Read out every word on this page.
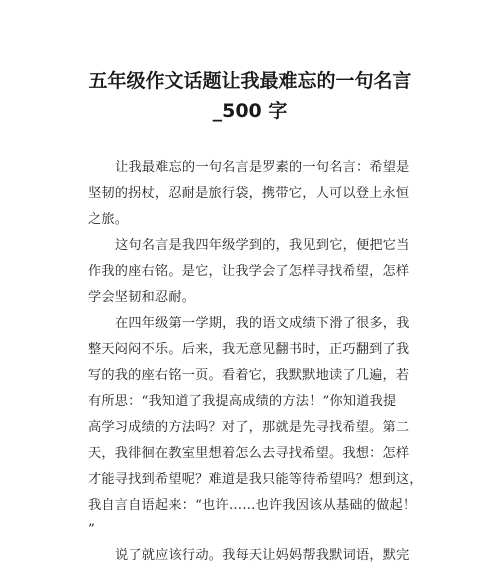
五年级作文话题让我最难忘的一句名言
_500 字
让我最难忘的一句名言是罗素的一句名言：希望是
坚韧的拐杖，忍耐是旅行袋，携带它，人可以登上永恒
之旅。
这句名言是我四年级学到的，我见到它，便把它当
作我的座右铭。是它，让我学会了怎样寻找希望，怎样
学会坚韧和忍耐。
在四年级第一学期，我的语文成绩下滑了很多，我
整天闷闷不乐。后来，我无意见翻书时，正巧翻到了我
写的我的座右铭一页。看着它，我默默地读了几遍，若
有所思：“我知道了我提高成绩的方法！”你知道我提
高学习成绩的方法吗？对了，那就是先寻找希望。第二
天，我徘徊在教室里想着怎么去寻找希望。我想：怎样
才能寻找到希望呢？难道是我只能等待希望吗？想到这，
我自言自语起来：“也许……也许我因该从基础的做起！
”
说了就应该行动。我每天让妈妈帮我默词语，默完
